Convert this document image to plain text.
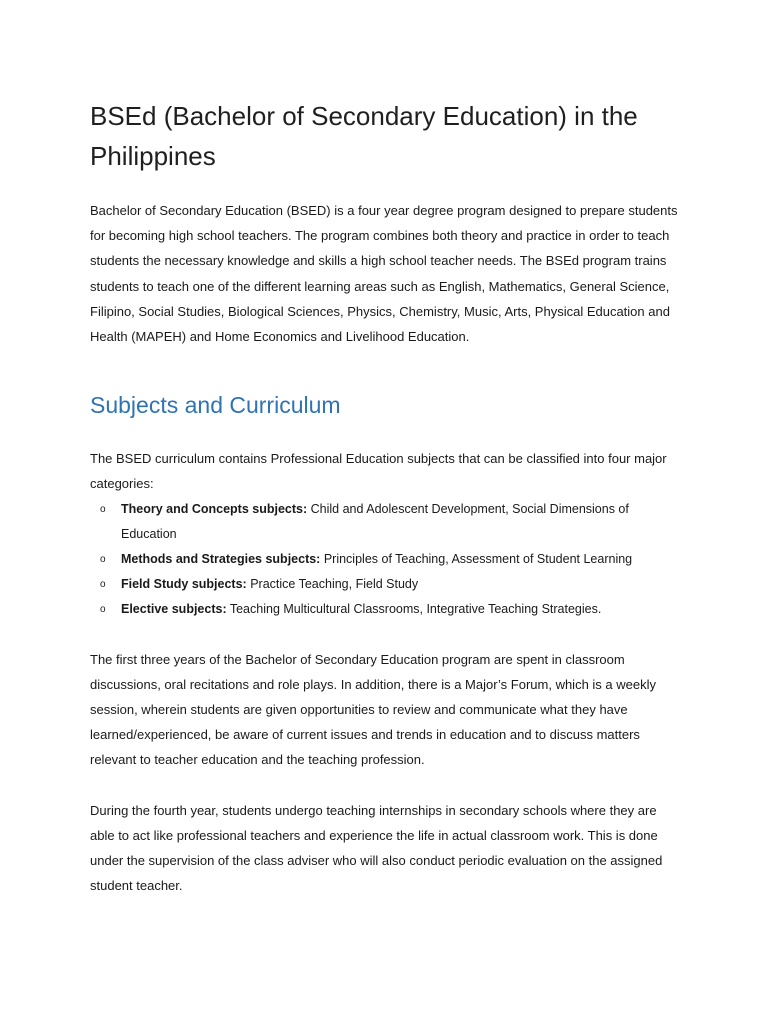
BSEd (Bachelor of Secondary Education) in the Philippines

Bachelor of Secondary Education (BSED) is a four year degree program designed to prepare students for becoming high school teachers. The program combines both theory and practice in order to teach students the necessary knowledge and skills a high school teacher needs. The BSEd program trains students to teach one of the different learning areas such as English, Mathematics, General Science, Filipino, Social Studies, Biological Sciences, Physics, Chemistry, Music, Arts, Physical Education and Health (MAPEH) and Home Economics and Livelihood Education.

Subjects and Curriculum

The BSED curriculum contains Professional Education subjects that can be classified into four major categories:

o Theory and Concepts subjects: Child and Adolescent Development, Social Dimensions of Education
o Methods and Strategies subjects: Principles of Teaching, Assessment of Student Learning
o Field Study subjects: Practice Teaching, Field Study
o Elective subjects: Teaching Multicultural Classrooms, Integrative Teaching Strategies.

The first three years of the Bachelor of Secondary Education program are spent in classroom discussions, oral recitations and role plays. In addition, there is a Major’s Forum, which is a weekly session, wherein students are given opportunities to review and communicate what they have learned/experienced, be aware of current issues and trends in education and to discuss matters relevant to teacher education and the teaching profession.

During the fourth year, students undergo teaching internships in secondary schools where they are able to act like professional teachers and experience the life in actual classroom work. This is done under the supervision of the class adviser who will also conduct periodic evaluation on the assigned student teacher.
